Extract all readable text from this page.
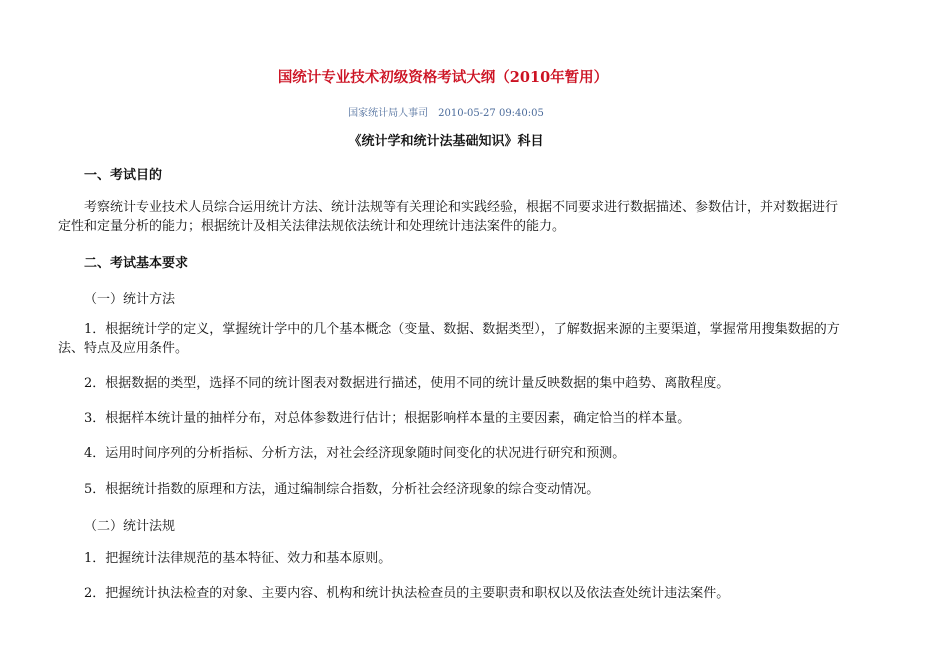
国统计专业技术初级资格考试大纲（2010年暂用）
国家统计局人事司 2010-05-27 09:40:05
《统计学和统计法基础知识》科目
一、考试目的
考察统计专业技术人员综合运用统计方法、统计法规等有关理论和实践经验，根据不同要求进行数据描述、参数估计，并对数据进行定性和定量分析的能力；根据统计及相关法律法规依法统计和处理统计违法案件的能力。
二、考试基本要求
（一）统计方法
1．根据统计学的定义，掌握统计学中的几个基本概念（变量、数据、数据类型），了解数据来源的主要渠道，掌握常用搜集数据的方法、特点及应用条件。
2．根据数据的类型，选择不同的统计图表对数据进行描述，使用不同的统计量反映数据的集中趋势、离散程度。
3．根据样本统计量的抽样分布，对总体参数进行估计；根据影响样本量的主要因素，确定恰当的样本量。
4．运用时间序列的分析指标、分析方法，对社会经济现象随时间变化的状况进行研究和预测。
5．根据统计指数的原理和方法，通过编制综合指数，分析社会经济现象的综合变动情况。
（二）统计法规
1．把握统计法律规范的基本特征、效力和基本原则。
2．把握统计执法检查的对象、主要内容、机构和统计执法检查员的主要职责和职权以及依法查处统计违法案件。
